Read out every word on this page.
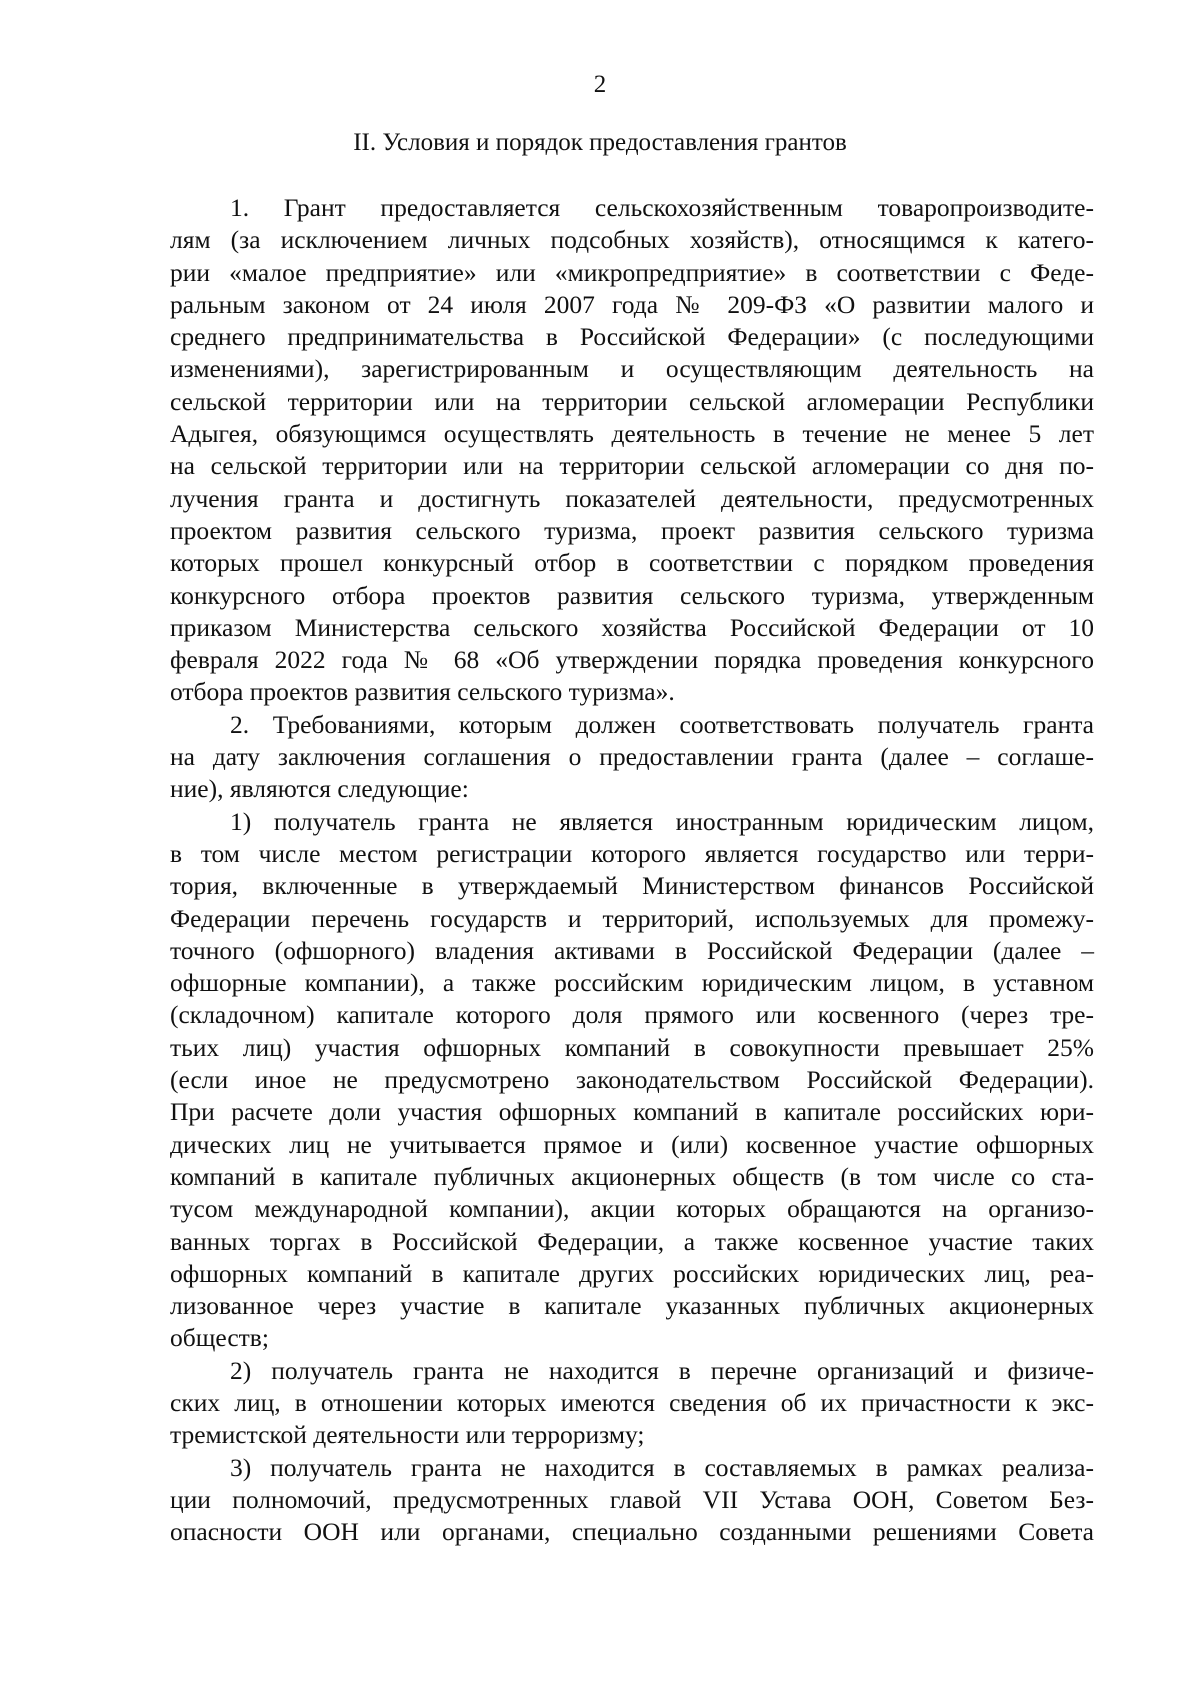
2
II. Условия и порядок предоставления грантов
1. Грант предоставляется сельскохозяйственным товаропроизводите-
лям (за исключением личных подсобных хозяйств), относящимся к катего-
рии «малое предприятие» или «микропредприятие» в соответствии с Феде-
ральным законом от 24 июля 2007 года № 209-ФЗ «О развитии малого и
среднего предпринимательства в Российской Федерации» (с последующими
изменениями), зарегистрированным и осуществляющим деятельность на
сельской территории или на территории сельской агломерации Республики
Адыгея, обязующимся осуществлять деятельность в течение не менее 5 лет
на сельской территории или на территории сельской агломерации со дня по-
лучения гранта и достигнуть показателей деятельности, предусмотренных
проектом развития сельского туризма, проект развития сельского туризма
которых прошел конкурсный отбор в соответствии с порядком проведения
конкурсного отбора проектов развития сельского туризма, утвержденным
приказом Министерства сельского хозяйства Российской Федерации от 10
февраля 2022 года № 68 «Об утверждении порядка проведения конкурсного
отбора проектов развития сельского туризма».
2. Требованиями, которым должен соответствовать получатель гранта
на дату заключения соглашения о предоставлении гранта (далее – соглаше-
ние), являются следующие:
1) получатель гранта не является иностранным юридическим лицом,
в том числе местом регистрации которого является государство или терри-
тория, включенные в утверждаемый Министерством финансов Российской
Федерации перечень государств и территорий, используемых для промежу-
точного (офшорного) владения активами в Российской Федерации (далее –
офшорные компании), а также российским юридическим лицом, в уставном
(складочном) капитале которого доля прямого или косвенного (через тре-
тьих лиц) участия офшорных компаний в совокупности превышает 25%
(если иное не предусмотрено законодательством Российской Федерации).
При расчете доли участия офшорных компаний в капитале российских юри-
дических лиц не учитывается прямое и (или) косвенное участие офшорных
компаний в капитале публичных акционерных обществ (в том числе со ста-
тусом международной компании), акции которых обращаются на организо-
ванных торгах в Российской Федерации, а также косвенное участие таких
офшорных компаний в капитале других российских юридических лиц, реа-
лизованное через участие в капитале указанных публичных акционерных
обществ;
2) получатель гранта не находится в перечне организаций и физиче-
ских лиц, в отношении которых имеются сведения об их причастности к экс-
тремистской деятельности или терроризму;
3) получатель гранта не находится в составляемых в рамках реализа-
ции полномочий, предусмотренных главой VII Устава ООН, Советом Без-
опасности ООН или органами, специально созданными решениями Совета
